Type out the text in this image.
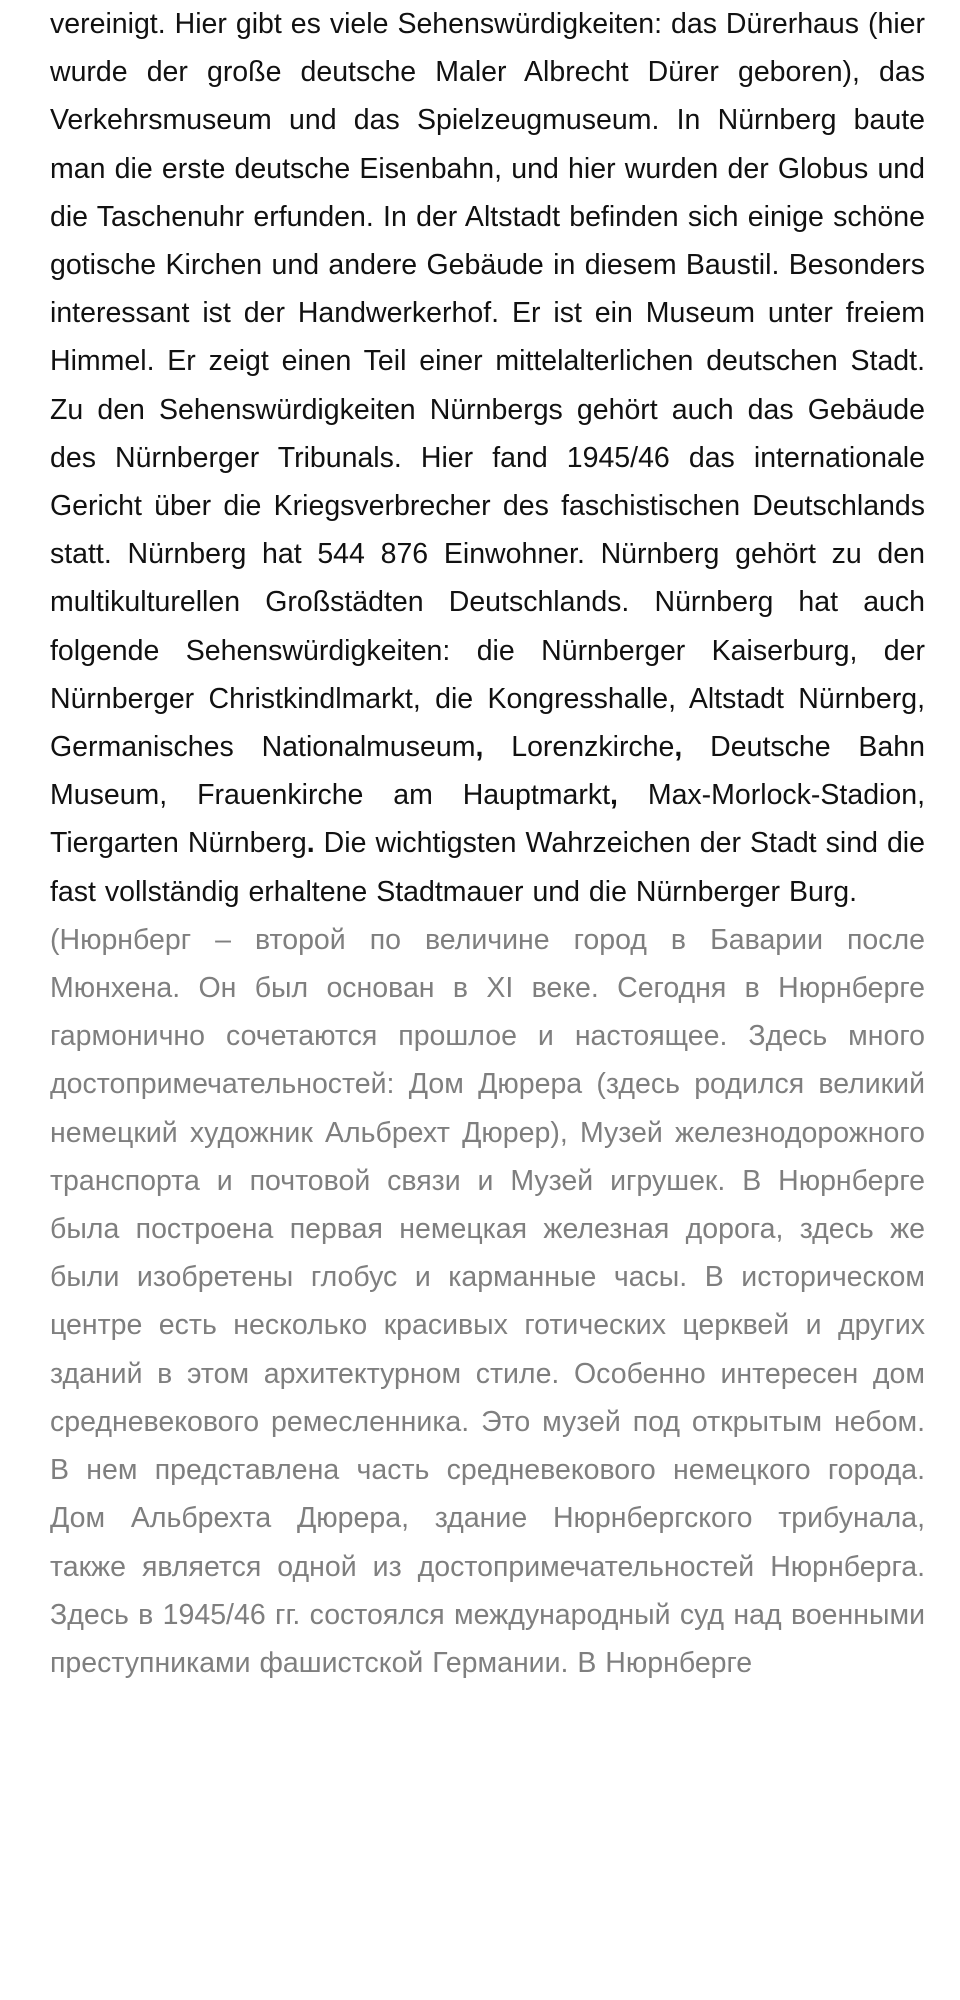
vereinigt. Hier gibt es viele Sehenswürdigkeiten: das Dürerhaus (hier wurde der große deutsche Maler Albrecht Dürer geboren), das Verkehrsmuseum und das Spielzeugmuseum. In Nürnberg baute man die erste deutsche Eisenbahn, und hier wurden der Globus und die Taschenuhr erfunden. In der Altstadt befinden sich einige schöne gotische Kirchen und andere Gebäude in diesem Baustil. Besonders interessant ist der Handwerkerhof. Er ist ein Museum unter freiem Himmel. Er zeigt einen Teil einer mittelalterlichen deutschen Stadt. Zu den Sehenswürdigkeiten Nürnbergs gehört auch das Gebäude des Nürnberger Tribunals. Hier fand 1945/46 das internationale Gericht über die Kriegsverbrecher des faschistischen Deutschlands statt. Nürnberg hat 544 876 Einwohner. Nürnberg gehört zu den multikulturellen Großstädten Deutschlands. Nürnberg hat auch folgende Sehenswürdigkeiten: die Nürnberger Kaiserburg, der Nürnberger Christkindlmarkt, die Kongresshalle, Altstadt Nürnberg, Germanisches Nationalmuseum, Lorenzkirche, Deutsche Bahn Museum, Frauenkirche am Hauptmarkt, Max-Morlock-Stadion, Tiergarten Nürnberg. Die wichtigsten Wahrzeichen der Stadt sind die fast vollständig erhaltene Stadtmauer und die Nürnberger Burg.

(Нюрнберг – второй по величине город в Баварии после Мюнхена. Он был основан в XI веке. Сегодня в Нюрнберге гармонично сочетаются прошлое и настоящее. Здесь много достопримечательностей: Дом Дюрера (здесь родился великий немецкий художник Альбрехт Дюрер), Музей железнодорожного транспорта и почтовой связи и Музей игрушек. В Нюрнберге была построена первая немецкая железная дорога, здесь же были изобретены глобус и карманные часы. В историческом центре есть несколько красивых готических церквей и других зданий в этом архитектурном стиле. Особенно интересен дом средневекового ремесленника. Это музей под открытым небом. В нем представлена часть средневекового немецкого города. Дом Альбрехта Дюрера, здание Нюрнбергского трибунала, также является одной из достопримечательностей Нюрнберга. Здесь в 1945/46 гг. состоялся международный суд над военными преступниками фашистской Германии. В Нюрнберге
